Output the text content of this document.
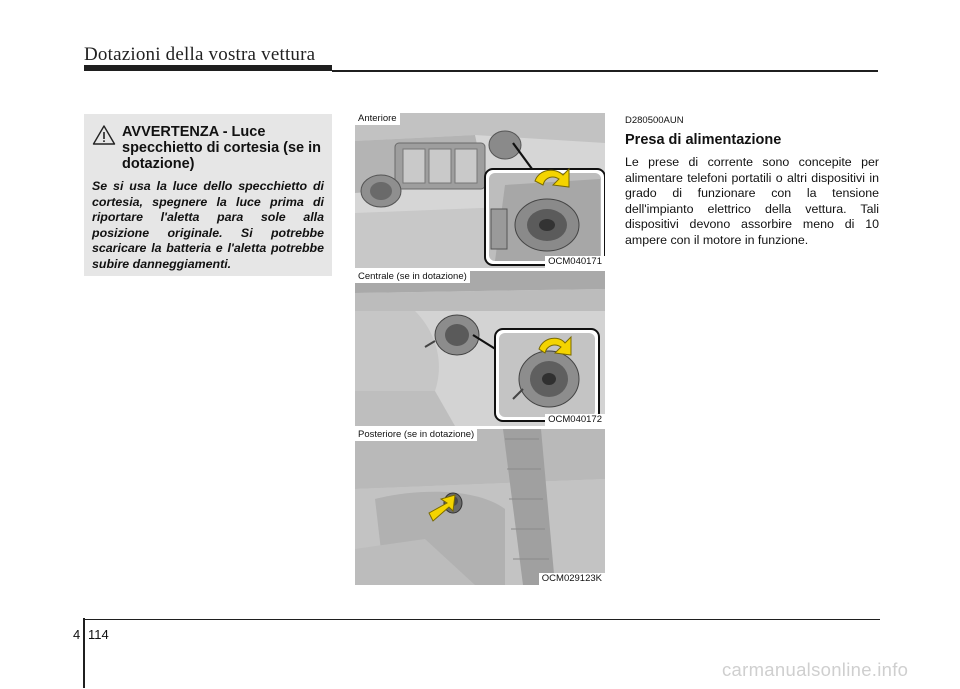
Dotazioni della vostra vettura
AVVERTENZA - Luce specchietto di cortesia (se in dotazione)
Se si usa la luce dello specchietto di cortesia, spegnere la luce prima di riportare l'aletta para sole alla posizione originale. Si potrebbe scaricare la batteria e l'aletta potrebbe subire danneggiamenti.
Anteriore
OCM040171
Centrale (se in dotazione)
OCM040172
Posteriore (se in dotazione)
OCM029123K
D280500AUN
Presa di alimentazione
Le prese di corrente sono concepite per alimentare telefoni portatili o altri dispositivi in grado di funzionare con la tensione dell'impianto elettrico della vettura. Tali dispositivi devono assorbire meno di 10 ampere con il motore in funzione.
4 114
carmanualsonline.info
